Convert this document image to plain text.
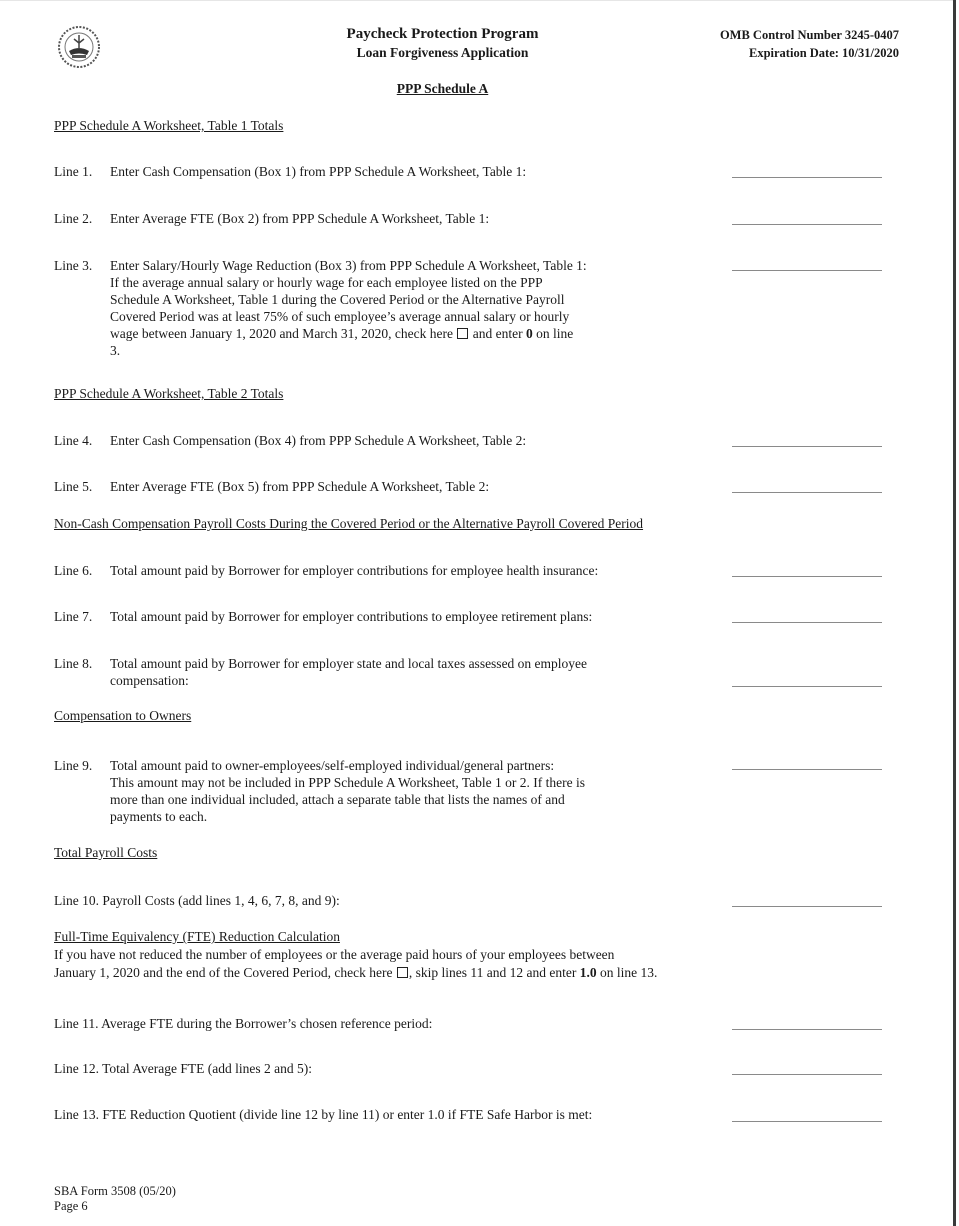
Paycheck Protection Program
Loan Forgiveness Application
PPP Schedule A
OMB Control Number 3245-0407
Expiration Date: 10/31/2020
PPP Schedule A Worksheet, Table 1 Totals
Line 1. Enter Cash Compensation (Box 1) from PPP Schedule A Worksheet, Table 1:
Line 2. Enter Average FTE (Box 2) from PPP Schedule A Worksheet, Table 1:
Line 3. Enter Salary/Hourly Wage Reduction (Box 3) from PPP Schedule A Worksheet, Table 1:
If the average annual salary or hourly wage for each employee listed on the PPP
Schedule A Worksheet, Table 1 during the Covered Period or the Alternative Payroll
Covered Period was at least 75% of such employee’s average annual salary or hourly
wage between January 1, 2020 and March 31, 2020, check here and enter 0 on line
3.
PPP Schedule A Worksheet, Table 2 Totals
Line 4. Enter Cash Compensation (Box 4) from PPP Schedule A Worksheet, Table 2:
Line 5. Enter Average FTE (Box 5) from PPP Schedule A Worksheet, Table 2:
Non-Cash Compensation Payroll Costs During the Covered Period or the Alternative Payroll Covered Period
Line 6. Total amount paid by Borrower for employer contributions for employee health insurance:
Line 7. Total amount paid by Borrower for employer contributions to employee retirement plans:
Line 8. Total amount paid by Borrower for employer state and local taxes assessed on employee
compensation:
Compensation to Owners
Line 9. Total amount paid to owner-employees/self-employed individual/general partners:
This amount may not be included in PPP Schedule A Worksheet, Table 1 or 2. If there is
more than one individual included, attach a separate table that lists the names of and
payments to each.
Total Payroll Costs
Line 10. Payroll Costs (add lines 1, 4, 6, 7, 8, and 9):
Full-Time Equivalency (FTE) Reduction Calculation
If you have not reduced the number of employees or the average paid hours of your employees between
January 1, 2020 and the end of the Covered Period, check here , skip lines 11 and 12 and enter 1.0 on line 13.
Line 11. Average FTE during the Borrower’s chosen reference period:
Line 12. Total Average FTE (add lines 2 and 5):
Line 13. FTE Reduction Quotient (divide line 12 by line 11) or enter 1.0 if FTE Safe Harbor is met:
SBA Form 3508 (05/20)
Page 6
